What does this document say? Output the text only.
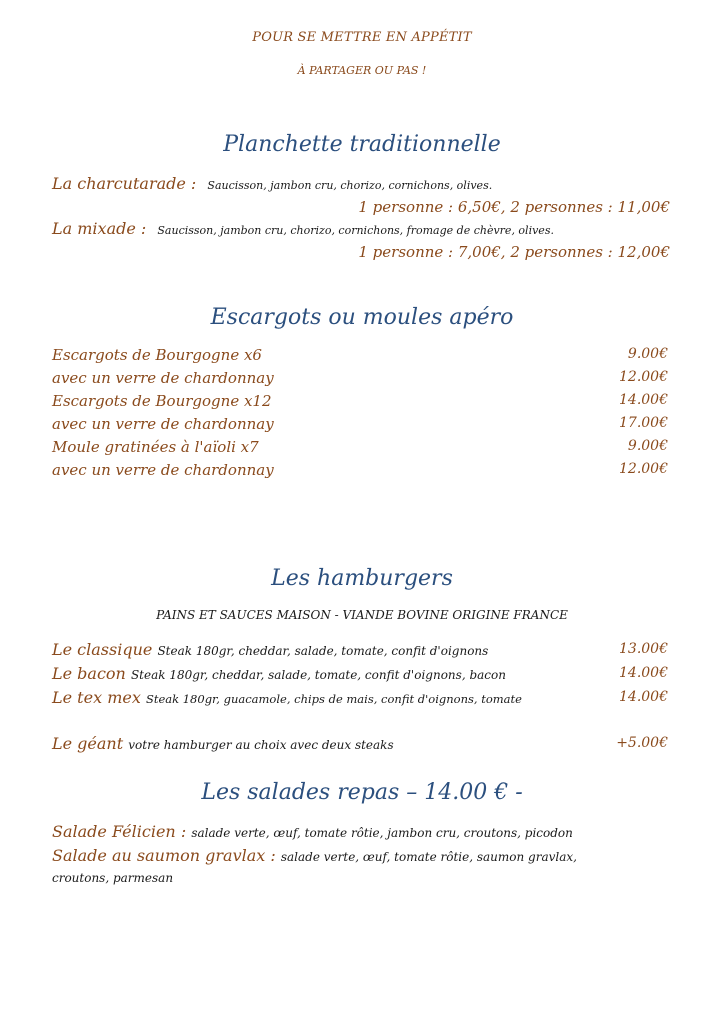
POUR SE METTRE EN APPÉTIT
À PARTAGER OU PAS !
Planchette traditionnelle
La charcutarade : Saucisson, jambon cru, chorizo, cornichons, olives.
1 personne : 6,50€, 2 personnes : 11,00€
La mixade : Saucisson, jambon cru, chorizo, cornichons, fromage de chèvre, olives.
1 personne : 7,00€, 2 personnes : 12,00€
Escargots ou moules apéro
Escargots de Bourgogne x6	9.00€
avec un verre de chardonnay	12.00€
Escargots de Bourgogne x12	14.00€
avec un verre de chardonnay	17.00€
Moule gratinées à l'aïoli x7	9.00€
avec un verre de chardonnay	12.00€
Les hamburgers
PAINS ET SAUCES MAISON - VIANDE BOVINE ORIGINE FRANCE
Le classique Steak 180gr, cheddar, salade, tomate, confit d'oignons	13.00€
Le bacon Steak 180gr, cheddar, salade, tomate, confit d'oignons, bacon	14.00€
Le tex mex Steak 180gr, guacamole, chips de mais, confit d'oignons, tomate	14.00€
Le géant votre hamburger au choix avec deux steaks	+5.00€
Les salades repas – 14.00 € -
Salade Félicien : salade verte, œuf, tomate rôtie, jambon cru, croutons, picodon
Salade au saumon gravlax : salade verte, œuf, tomate rôtie, saumon gravlax,
croutons, parmesan
